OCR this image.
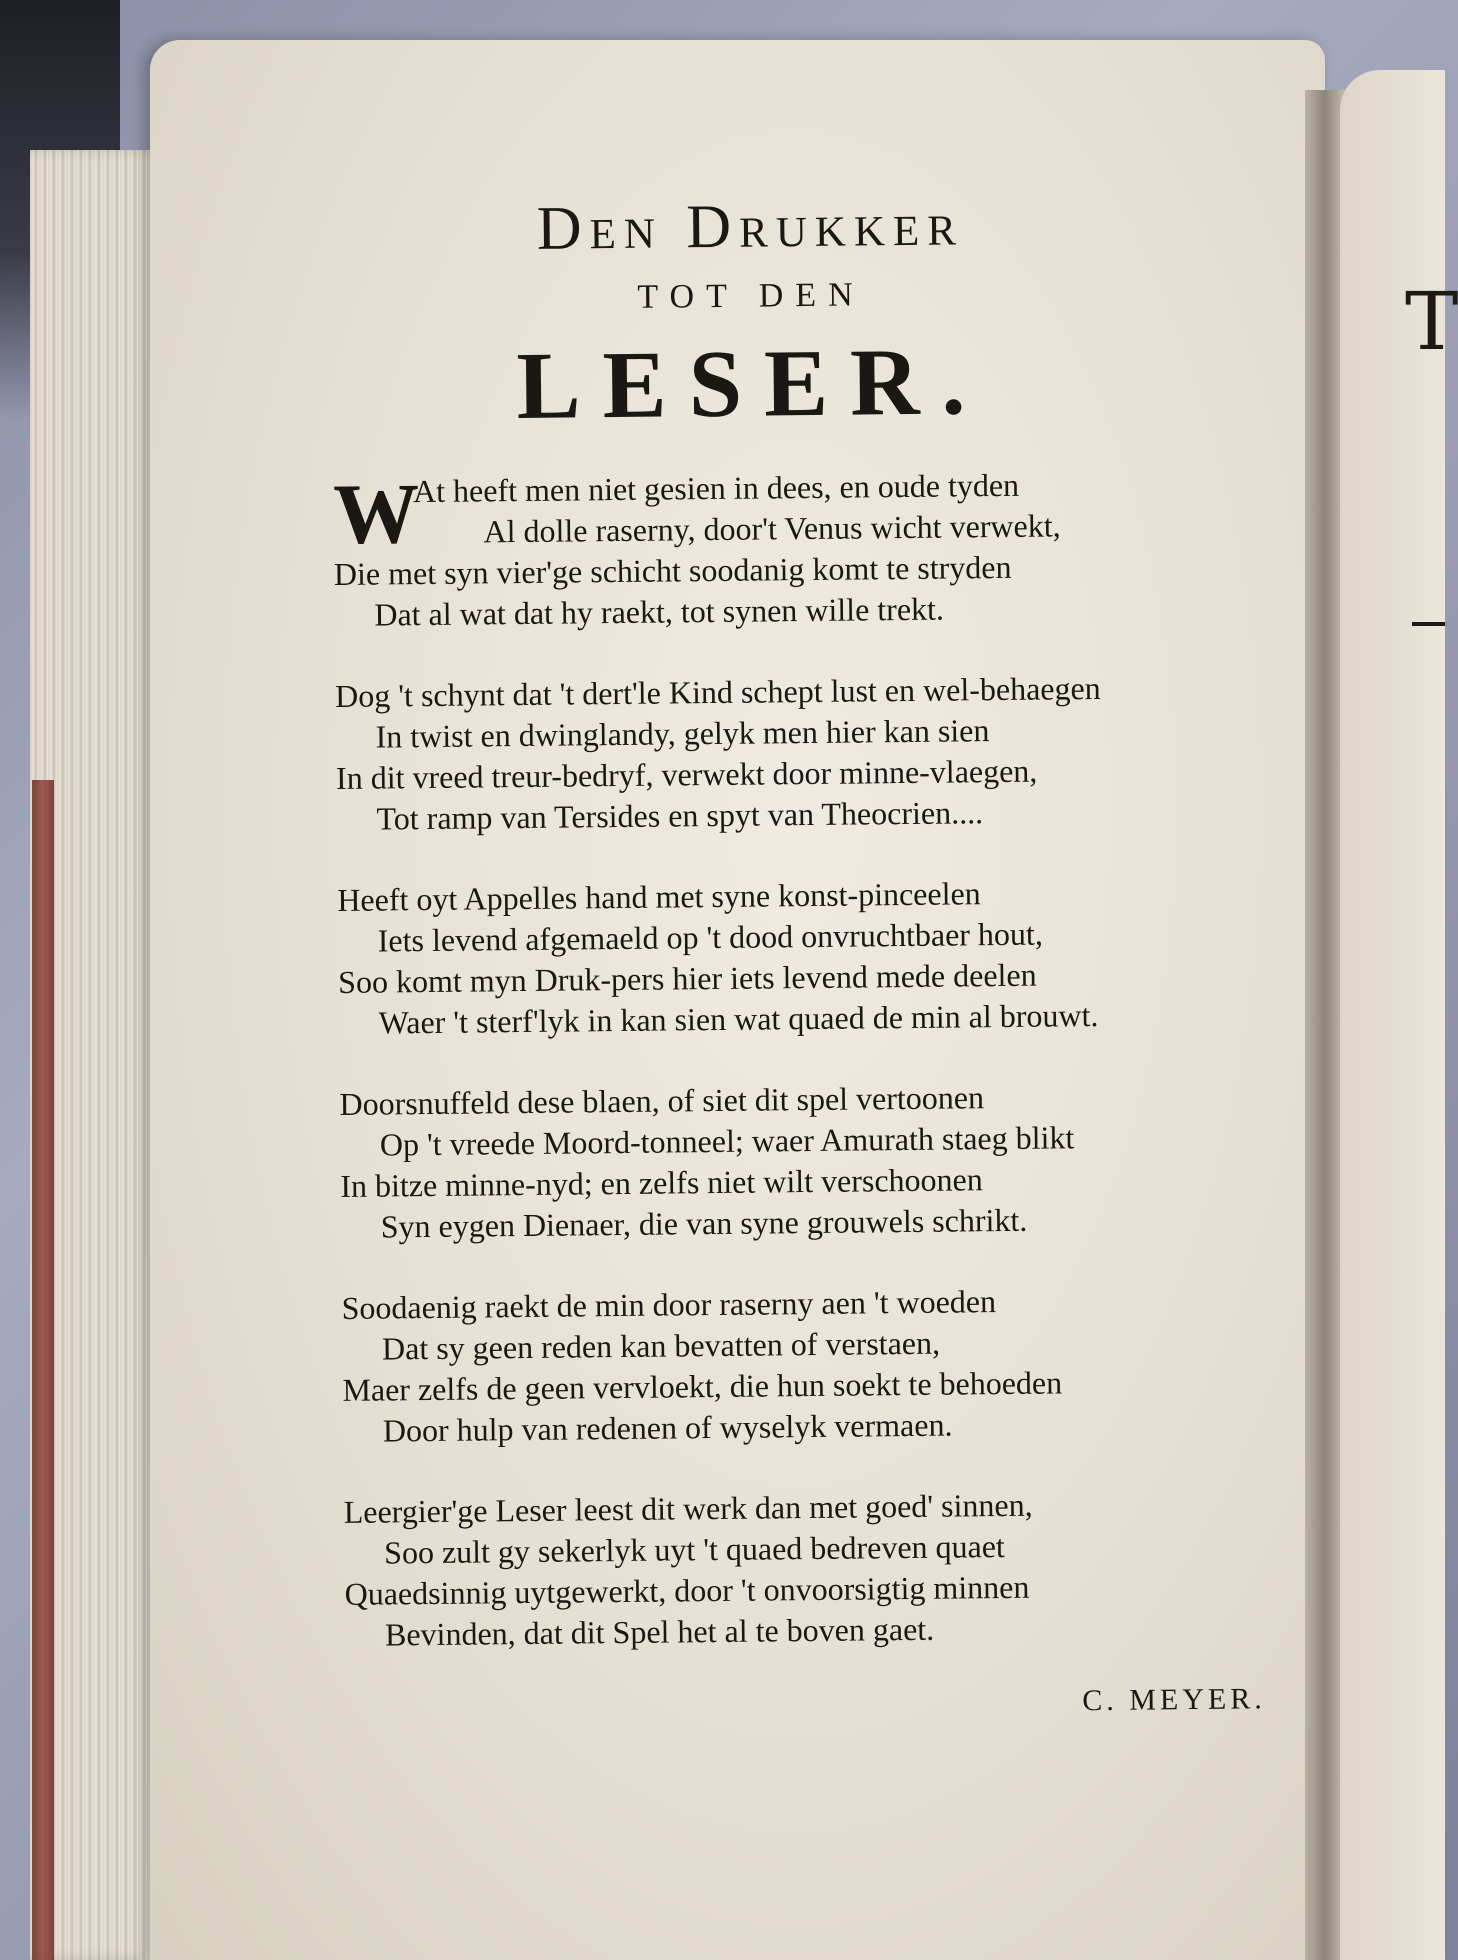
T
Den Drukker
TOT DEN
LESER.
W
At heeft men niet gesien in dees, en oude tyden
Al dolle raserny, door't Venus wicht verwekt,
Die met syn vier'ge schicht soodanig komt te stryden
Dat al wat dat hy raekt, tot synen wille trekt.
Dog 't schynt dat 't dert'le Kind schept lust en wel-behaegen
In twist en dwinglandy, gelyk men hier kan sien
In dit vreed treur-bedryf, verwekt door minne-vlaegen,
Tot ramp van Tersides en spyt van Theocrien....
Heeft oyt Appelles hand met syne konst-pinceelen
Iets levend afgemaeld op 't dood onvruchtbaer hout,
Soo komt myn Druk-pers hier iets levend mede deelen
Waer 't sterf'lyk in kan sien wat quaed de min al brouwt.
Doorsnuffeld dese blaen, of siet dit spel vertoonen
Op 't vreede Moord-tonneel; waer Amurath staeg blikt
In bitze minne-nyd; en zelfs niet wilt verschoonen
Syn eygen Dienaer, die van syne grouwels schrikt.
Soodaenig raekt de min door raserny aen 't woeden
Dat sy geen reden kan bevatten of verstaen,
Maer zelfs de geen vervloekt, die hun soekt te behoeden
Door hulp van redenen of wyselyk vermaen.
Leergier'ge Leser leest dit werk dan met goed' sinnen,
Soo zult gy sekerlyk uyt 't quaed bedreven quaet
Quaedsinnig uytgewerkt, door 't onvoorsigtig minnen
Bevinden, dat dit Spel het al te boven gaet.
C. MEYER.
